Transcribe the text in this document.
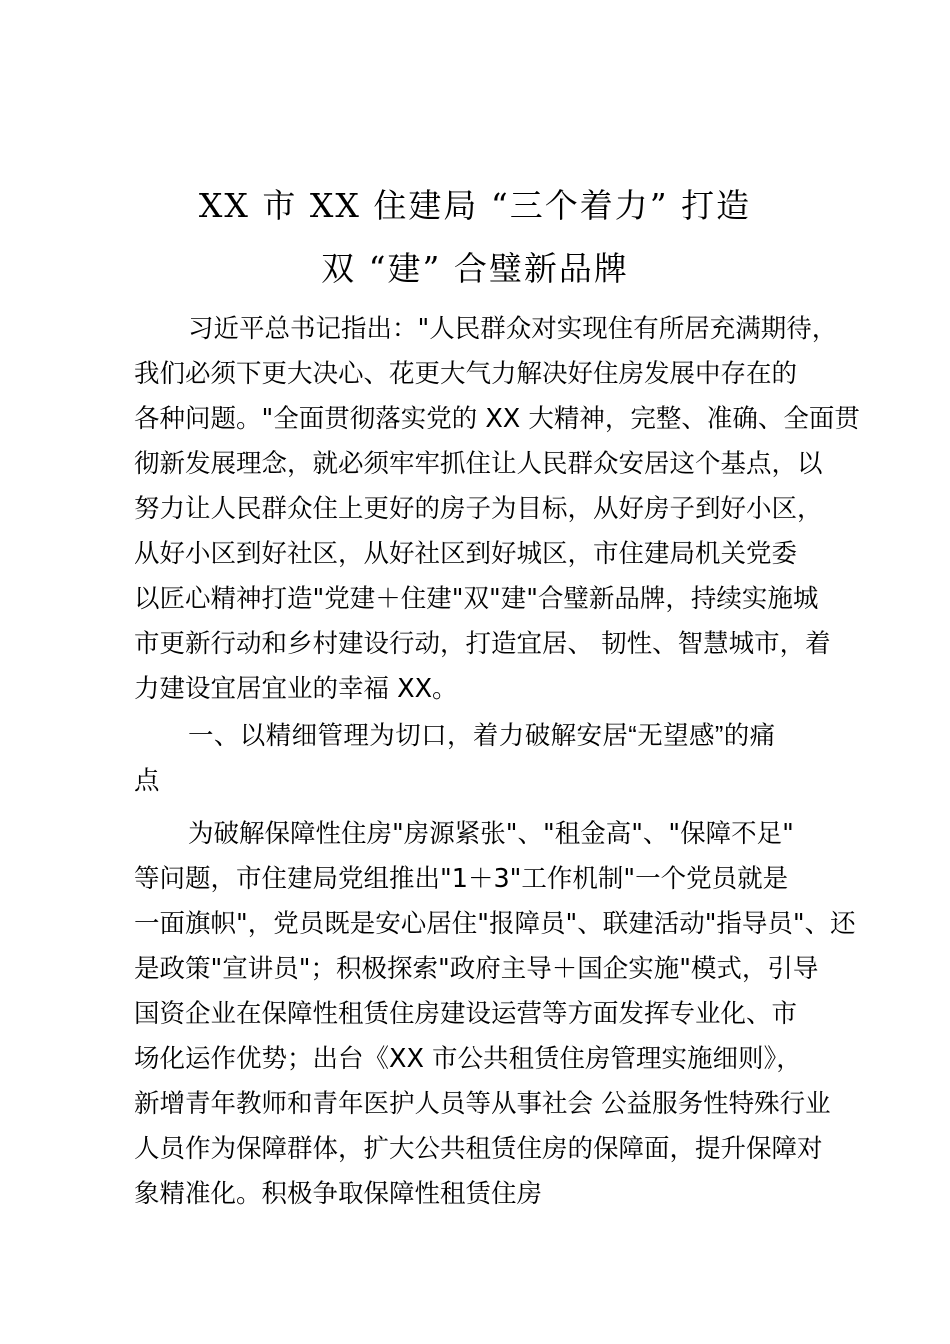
XX 市 XX 住建局 “三个着力” 打造
双 “建” 合璧新品牌

习近平总书记指出："人民群众对实现住有所居充满期待，
我们必须下更大决心、花更大气力解决好住房发展中存在的
各种问题。"全面贯彻落实党的 XX 大精神，完整、准确、全面贯
彻新发展理念，就必须牢牢抓住让人民群众安居这个基点，以
努力让人民群众住上更好的房子为目标，从好房子到好小区，
从好小区到好社区，从好社区到好城区，市住建局机关党委
以匠心精神打造"党建＋住建"双"建"合璧新品牌，持续实施城
市更新行动和乡村建设行动，打造宜居、 韧性、智慧城市，着
力建设宜居宜业的幸福 XX。

一、以精细管理为切口，着力破解安居“无望感”的痛
点

为破解保障性住房"房源紧张"、"租金高"、"保障不足"
等问题，市住建局党组推出"1＋3"工作机制"一个党员就是
一面旗帜"，党员既是安心居住"报障员"、联建活动"指导员"、还
是政策"宣讲员"；积极探索"政府主导＋国企实施"模式，引导
国资企业在保障性租赁住房建设运营等方面发挥专业化、市
场化运作优势；出台《XX 市公共租赁住房管理实施细则》，
新增青年教师和青年医护人员等从事社会 公益服务性特殊行业
人员作为保障群体，扩大公共租赁住房的保障面，提升保障对
象精准化。积极争取保障性租赁住房
